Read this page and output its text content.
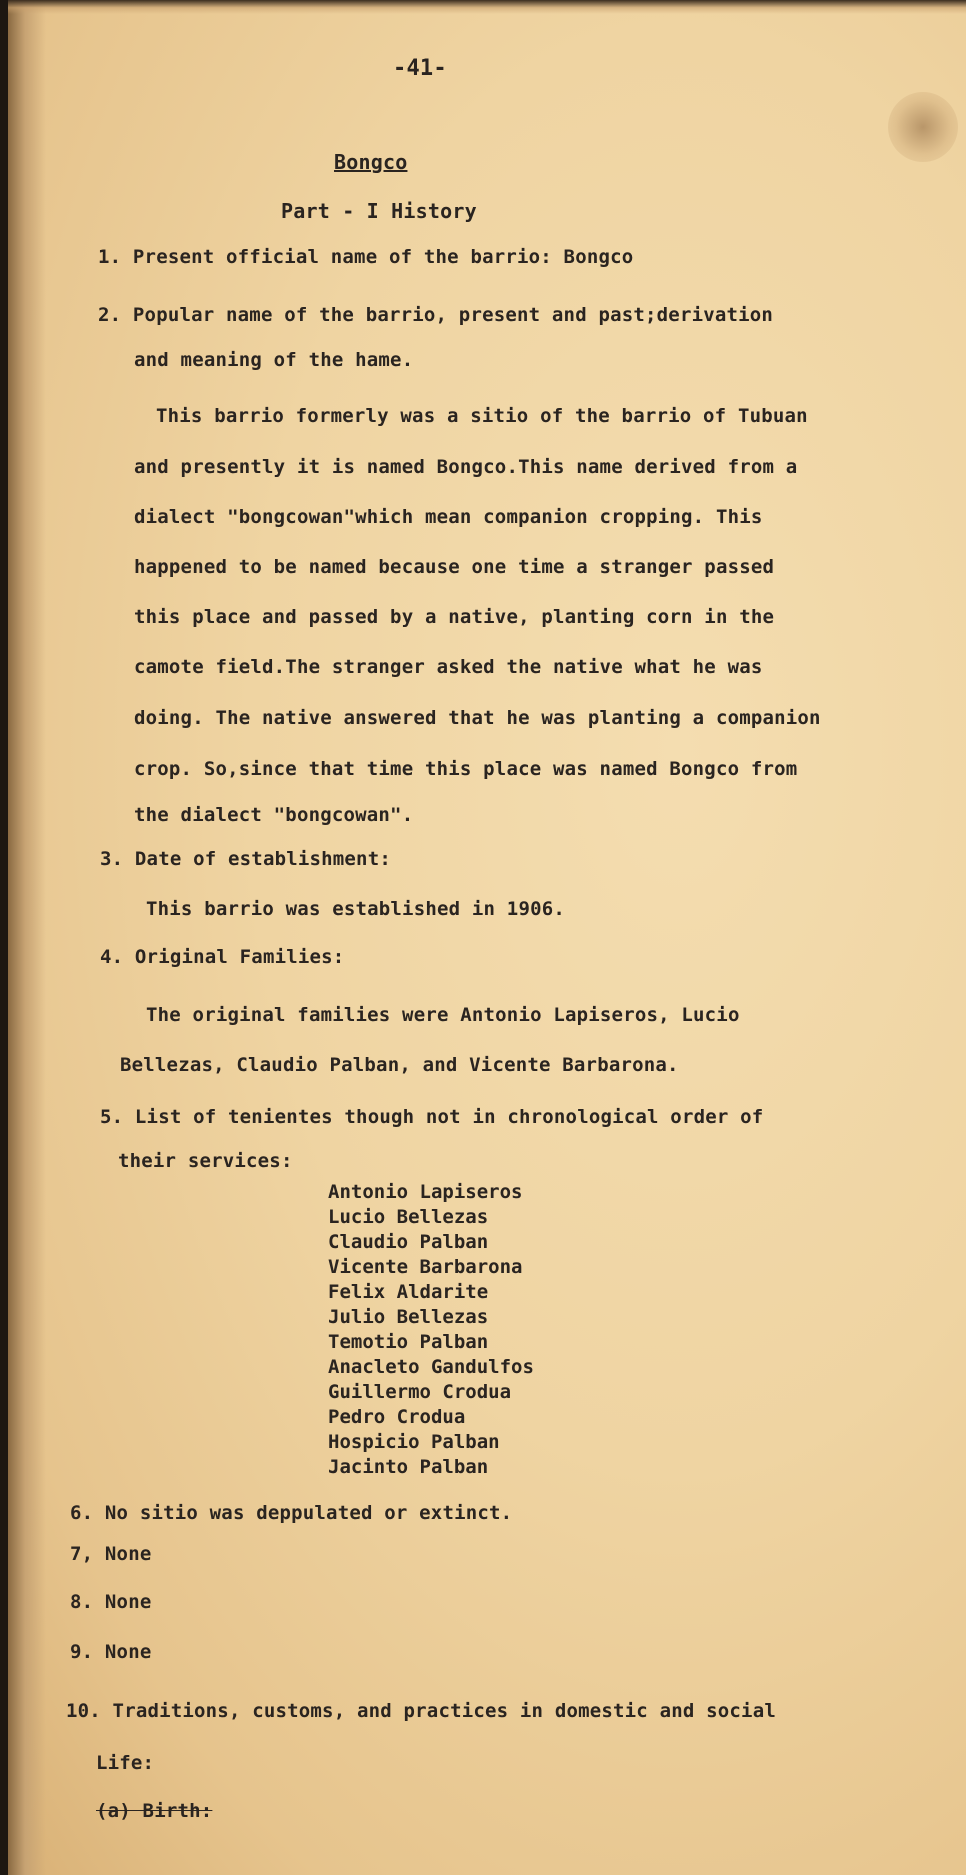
-41-
Bongco
Part - I History
1. Present official name of the barrio: Bongco
2. Popular name of the barrio, present and past;derivation
and meaning of the hame.
This barrio formerly was a sitio of the barrio of Tubuan
and presently it is named Bongco.This name derived from a
dialect "bongcowan"which mean companion cropping. This
happened to be named because one time a stranger passed
this place and passed by a native, planting corn in the
camote field.The stranger asked the native what he was
doing. The native answered that he was planting a companion
crop. So,since that time this place was named Bongco from
the dialect "bongcowan".
3. Date of establishment:
This barrio was established in 1906.
4. Original Families:
The original families were Antonio Lapiseros, Lucio
Bellezas, Claudio Palban, and Vicente Barbarona.
5. List of tenientes though not in chronological order of
their services:
Antonio Lapiseros
Lucio Bellezas
Claudio Palban
Vicente Barbarona
Felix Aldarite
Julio Bellezas
Temotio Palban
Anacleto Gandulfos
Guillermo Crodua
Pedro Crodua
Hospicio Palban
Jacinto Palban
6. No sitio was deppulated or extinct.
7, None
8. None
9. None
10. Traditions, customs, and practices in domestic and social
Life:
(a) Birth:
